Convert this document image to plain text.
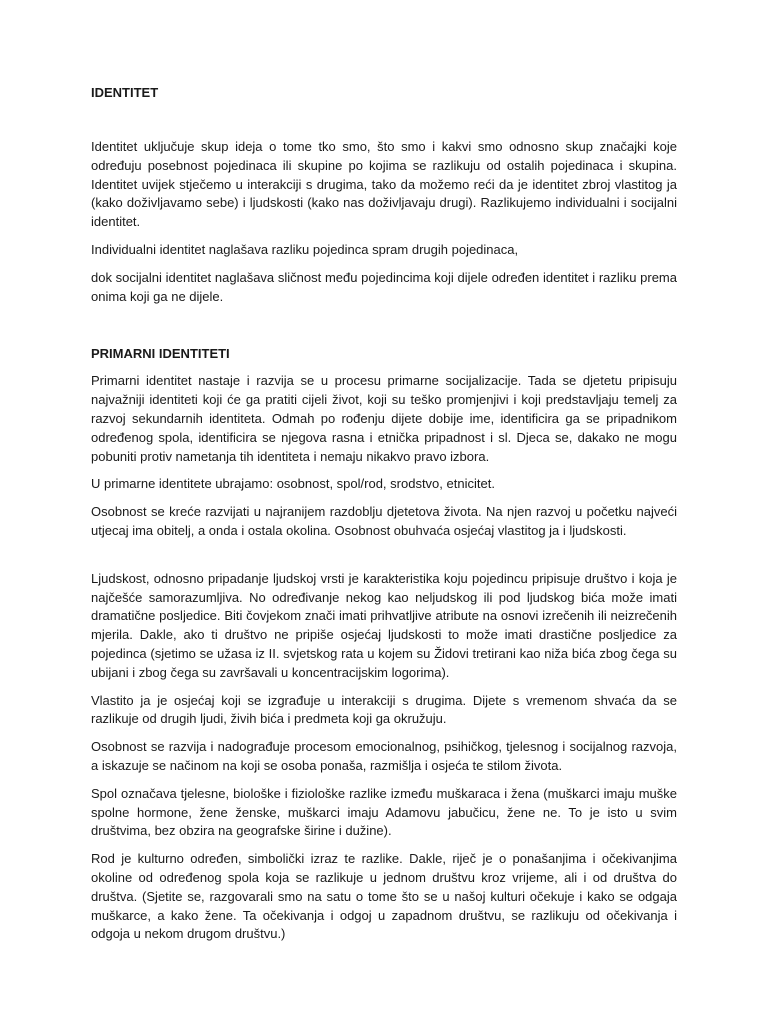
IDENTITET

Identitet uključuje skup ideja o tome tko smo, što smo i kakvi smo odnosno skup značajki koje određuju posebnost pojedinaca ili skupine po kojima se razlikuju od ostalih pojedinaca i skupina. Identitet uvijek stječemo u interakciji s drugima, tako da možemo reći da je identitet zbroj vlastitog ja (kako doživljavamo sebe) i ljudskosti (kako nas doživljavaju drugi). Razlikujemo individualni i socijalni identitet.

Individualni identitet naglašava razliku pojedinca spram drugih pojedinaca,

dok socijalni identitet naglašava sličnost među pojedincima koji dijele određen identitet i razliku prema onima koji ga ne dijele.

PRIMARNI IDENTITETI

Primarni identitet nastaje i razvija se u procesu primarne socijalizacije. Tada se djetetu pripisuju najvažniji identiteti koji će ga pratiti cijeli život, koji su teško promjenjivi i koji predstavljaju temelj za razvoj sekundarnih identiteta. Odmah po rođenju dijete dobije ime, identificira ga se pripadnikom određenog spola, identificira se njegova rasna i etnička pripadnost i sl. Djeca se, dakako ne mogu pobuniti protiv nametanja tih identiteta i nemaju nikakvo pravo izbora.

U primarne identitete ubrajamo: osobnost, spol/rod, srodstvo, etnicitet.

Osobnost se kreće razvijati u najranijem razdoblju djetetova života. Na njen razvoj u početku najveći utjecaj ima obitelj, a onda i ostala okolina. Osobnost obuhvaća osjećaj vlastitog ja i ljudskosti.

Ljudskost, odnosno pripadanje ljudskoj vrsti je karakteristika koju pojedincu pripisuje društvo i koja je najčešće samorazumljiva. No određivanje nekog kao neljudskog ili pod ljudskog bića može imati dramatične posljedice. Biti čovjekom znači imati prihvatljive atribute na osnovi izrečenih ili neizrečenih mjerila. Dakle, ako ti društvo ne pripiše osjećaj ljudskosti to može imati drastične posljedice za pojedinca (sjetimo se užasa iz II. svjetskog rata u kojem su Židovi tretirani kao niža bića zbog čega su ubijani i zbog čega su završavali u koncentracijskim logorima).

Vlastito ja je osjećaj koji se izgrađuje u interakciji s drugima. Dijete s vremenom shvaća da se razlikuje od drugih ljudi, živih bića i predmeta koji ga okružuju.

Osobnost se razvija i nadograđuje procesom emocionalnog, psihičkog, tjelesnog i socijalnog razvoja, a iskazuje se načinom na koji se osoba ponaša, razmišlja i osjeća te stilom života.

Spol označava tjelesne, biološke i fiziološke razlike između muškaraca i žena (muškarci imaju muške spolne hormone, žene ženske, muškarci imaju Adamovu jabučicu, žene ne. To je isto u svim društvima, bez obzira na geografske širine i dužine).

Rod je kulturno određen, simbolički izraz te razlike. Dakle, riječ je o ponašanjima i očekivanjima okoline od određenog spola koja se razlikuje u jednom društvu kroz vrijeme, ali i od društva do društva. (Sjetite se, razgovarali smo na satu o tome što se u našoj kulturi očekuje i kako se odgaja muškarce, a kako žene. Ta očekivanja i odgoj u zapadnom društvu, se razlikuju od očekivanja i odgoja u nekom drugom društvu.)
